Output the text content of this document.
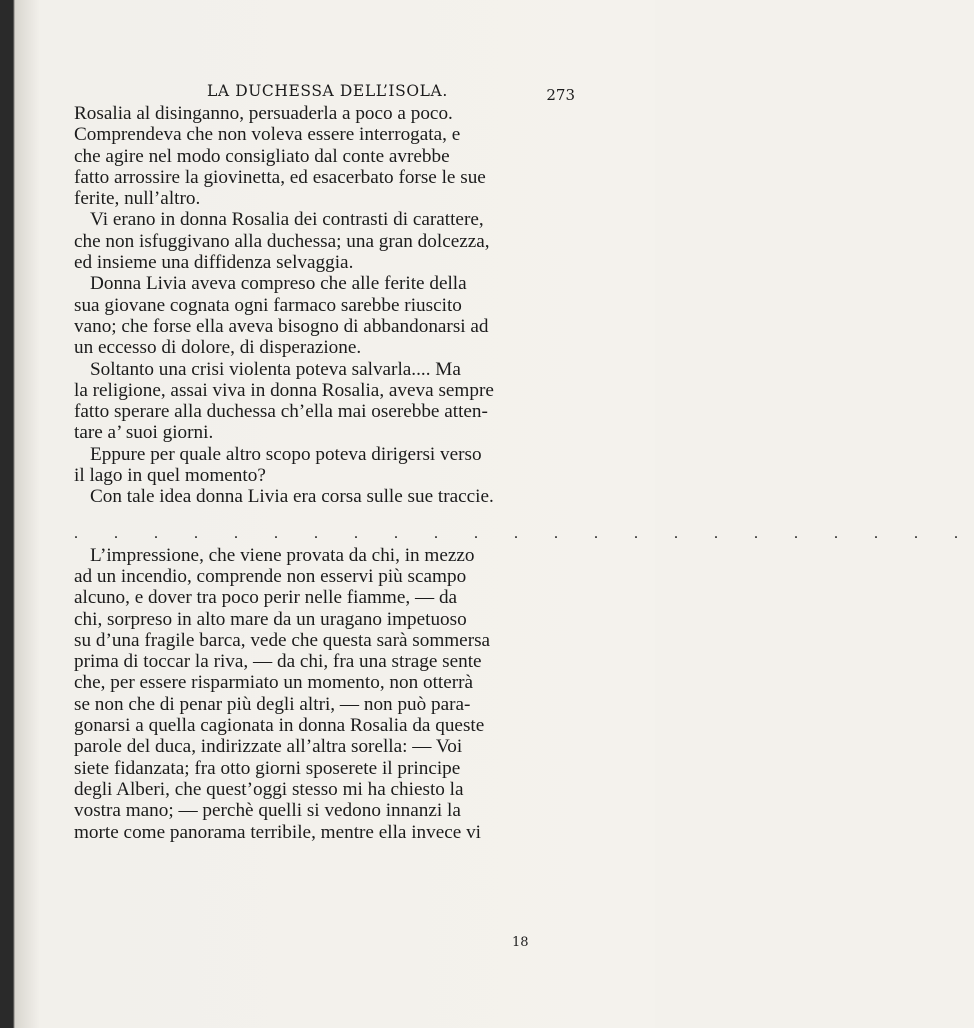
LA DUCHESSA DELL’ISOLA.	273

Rosalia al disinganno, persuaderla a poco a poco.
Comprendeva che non voleva essere interrogata, e
che agire nel modo consigliato dal conte avrebbe
fatto arrossire la giovinetta, ed esacerbato forse le sue
ferite, null’altro.

Vi erano in donna Rosalia dei contrasti di carattere,
che non isfuggivano alla duchessa; una gran dolcezza,
ed insieme una diffidenza selvaggia.

Donna Livia aveva compreso che alle ferite della
sua giovane cognata ogni farmaco sarebbe riuscito
vano; che forse ella aveva bisogno di abbandonarsi ad
un eccesso di dolore, di disperazione.

Soltanto una crisi violenta poteva salvarla.... Ma
la religione, assai viva in donna Rosalia, aveva sempre
fatto sperare alla duchessa ch’ella mai oserebbe atten-
tare a’ suoi giorni.

Eppure per quale altro scopo poteva dirigersi verso
il lago in quel momento?

Con tale idea donna Livia era corsa sulle sue traccie.

. . . . . . . . . . . . . . . . . . . . . . .

L’impressione, che viene provata da chi, in mezzo
ad un incendio, comprende non esservi più scampo
alcuno, e dover tra poco perir nelle fiamme, — da
chi, sorpreso in alto mare da un uragano impetuoso
su d’una fragile barca, vede che questa sarà sommersa
prima di toccar la riva, — da chi, fra una strage sente
che, per essere risparmiato un momento, non otterrà
se non che di penar più degli altri, — non può para-
gonarsi a quella cagionata in donna Rosalia da queste
parole del duca, indirizzate all’altra sorella: — Voi
siete fidanzata; fra otto giorni sposerete il principe
degli Alberi, che quest’oggi stesso mi ha chiesto la
vostra mano; — perchè quelli si vedono innanzi la
morte come panorama terribile, mentre ella invece vi

18
